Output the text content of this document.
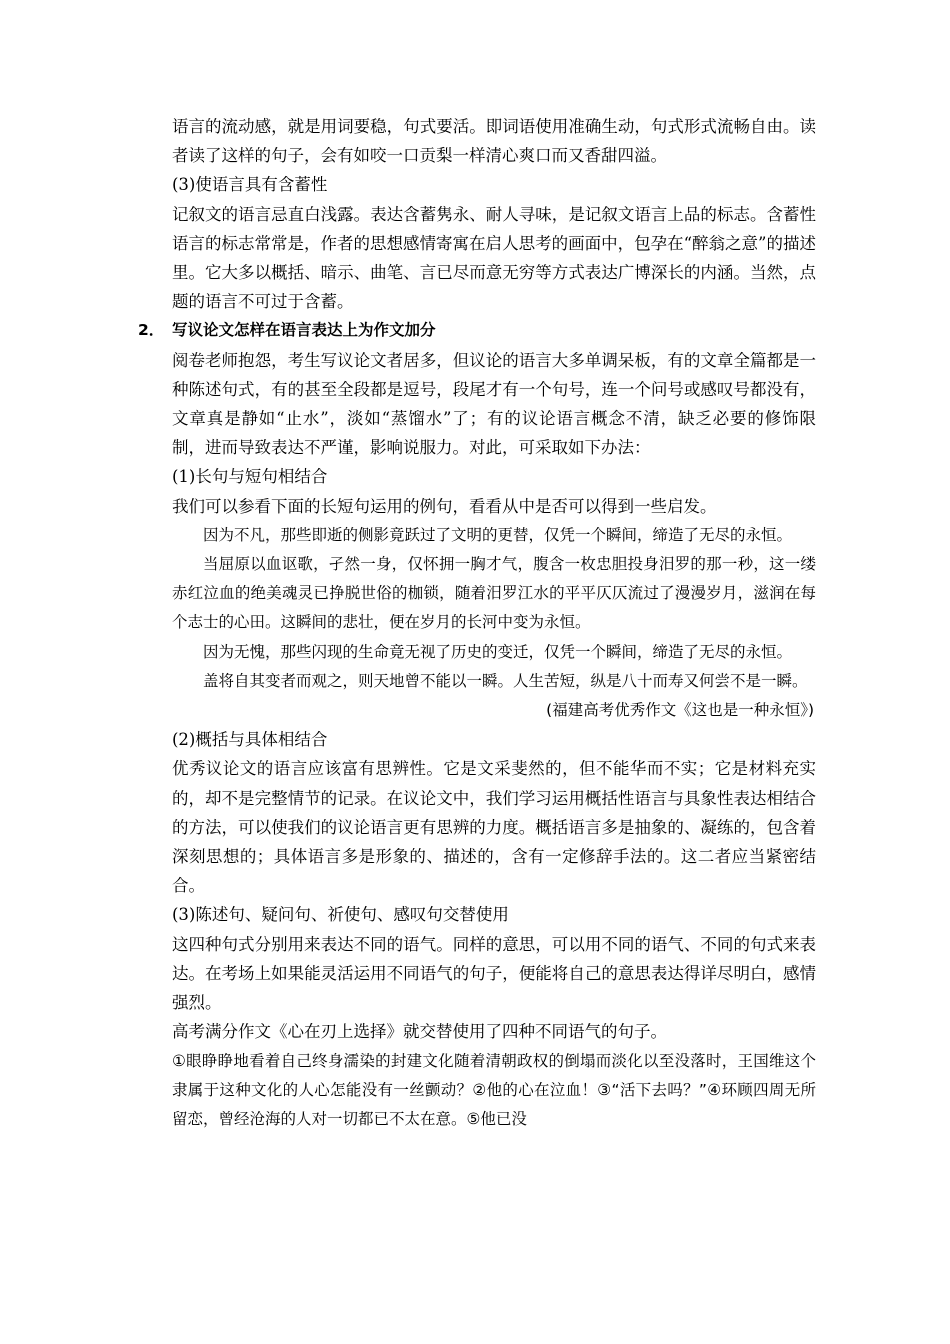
语言的流动感，就是用词要稳，句式要活。即词语使用准确生动，句式形式流畅自由。读者读了这样的句子，会有如咬一口贡梨一样清心爽口而又香甜四溢。

(3)使语言具有含蓄性

记叙文的语言忌直白浅露。表达含蓄隽永、耐人寻味，是记叙文语言上品的标志。含蓄性语言的标志常常是，作者的思想感情寄寓在启人思考的画面中，包孕在“醉翁之意”的描述里。它大多以概括、暗示、曲笔、言已尽而意无穷等方式表达广博深长的内涵。当然，点题的语言不可过于含蓄。

2． 写议论文怎样在语言表达上为作文加分

阅卷老师抱怨，考生写议论文者居多，但议论的语言大多单调呆板，有的文章全篇都是一种陈述句式，有的甚至全段都是逗号，段尾才有一个句号，连一个问号或感叹号都没有，文章真是静如“止水”，淡如“蒸馏水”了；有的议论语言概念不清，缺乏必要的修饰限制，进而导致表达不严谨，影响说服力。对此，可采取如下办法：

(1)长句与短句相结合

我们可以参看下面的长短句运用的例句，看看从中是否可以得到一些启发。

因为不凡，那些即逝的侧影竟跃过了文明的更替，仅凭一个瞬间，缔造了无尽的永恒。

当屈原以血讴歌，孑然一身，仅怀拥一胸才气，腹含一枚忠胆投身汨罗的那一秒，这一缕赤红泣血的绝美魂灵已挣脱世俗的枷锁，随着汨罗江水的平平仄仄流过了漫漫岁月，滋润在每个志士的心田。这瞬间的悲壮，便在岁月的长河中变为永恒。

因为无愧，那些闪现的生命竟无视了历史的变迁，仅凭一个瞬间，缔造了无尽的永恒。

盖将自其变者而观之，则天地曾不能以一瞬。人生苦短，纵是八十而寿又何尝不是一瞬。

(福建高考优秀作文《这也是一种永恒》)

(2)概括与具体相结合

优秀议论文的语言应该富有思辨性。它是文采斐然的，但不能华而不实；它是材料充实的，却不是完整情节的记录。在议论文中，我们学习运用概括性语言与具象性表达相结合的方法，可以使我们的议论语言更有思辨的力度。概括语言多是抽象的、凝练的，包含着深刻思想的；具体语言多是形象的、描述的，含有一定修辞手法的。这二者应当紧密结合。

(3)陈述句、疑问句、祈使句、感叹句交替使用

这四种句式分别用来表达不同的语气。同样的意思，可以用不同的语气、不同的句式来表达。在考场上如果能灵活运用不同语气的句子，便能将自己的意思表达得详尽明白，感情强烈。

高考满分作文《心在刃上选择》就交替使用了四种不同语气的句子。

①眼睁睁地看着自己终身濡染的封建文化随着清朝政权的倒塌而淡化以至没落时，王国维这个隶属于这种文化的人心怎能没有一丝颤动？②他的心在泣血！③“活下去吗？”④环顾四周无所留恋，曾经沧海的人对一切都已不太在意。⑤他已没
